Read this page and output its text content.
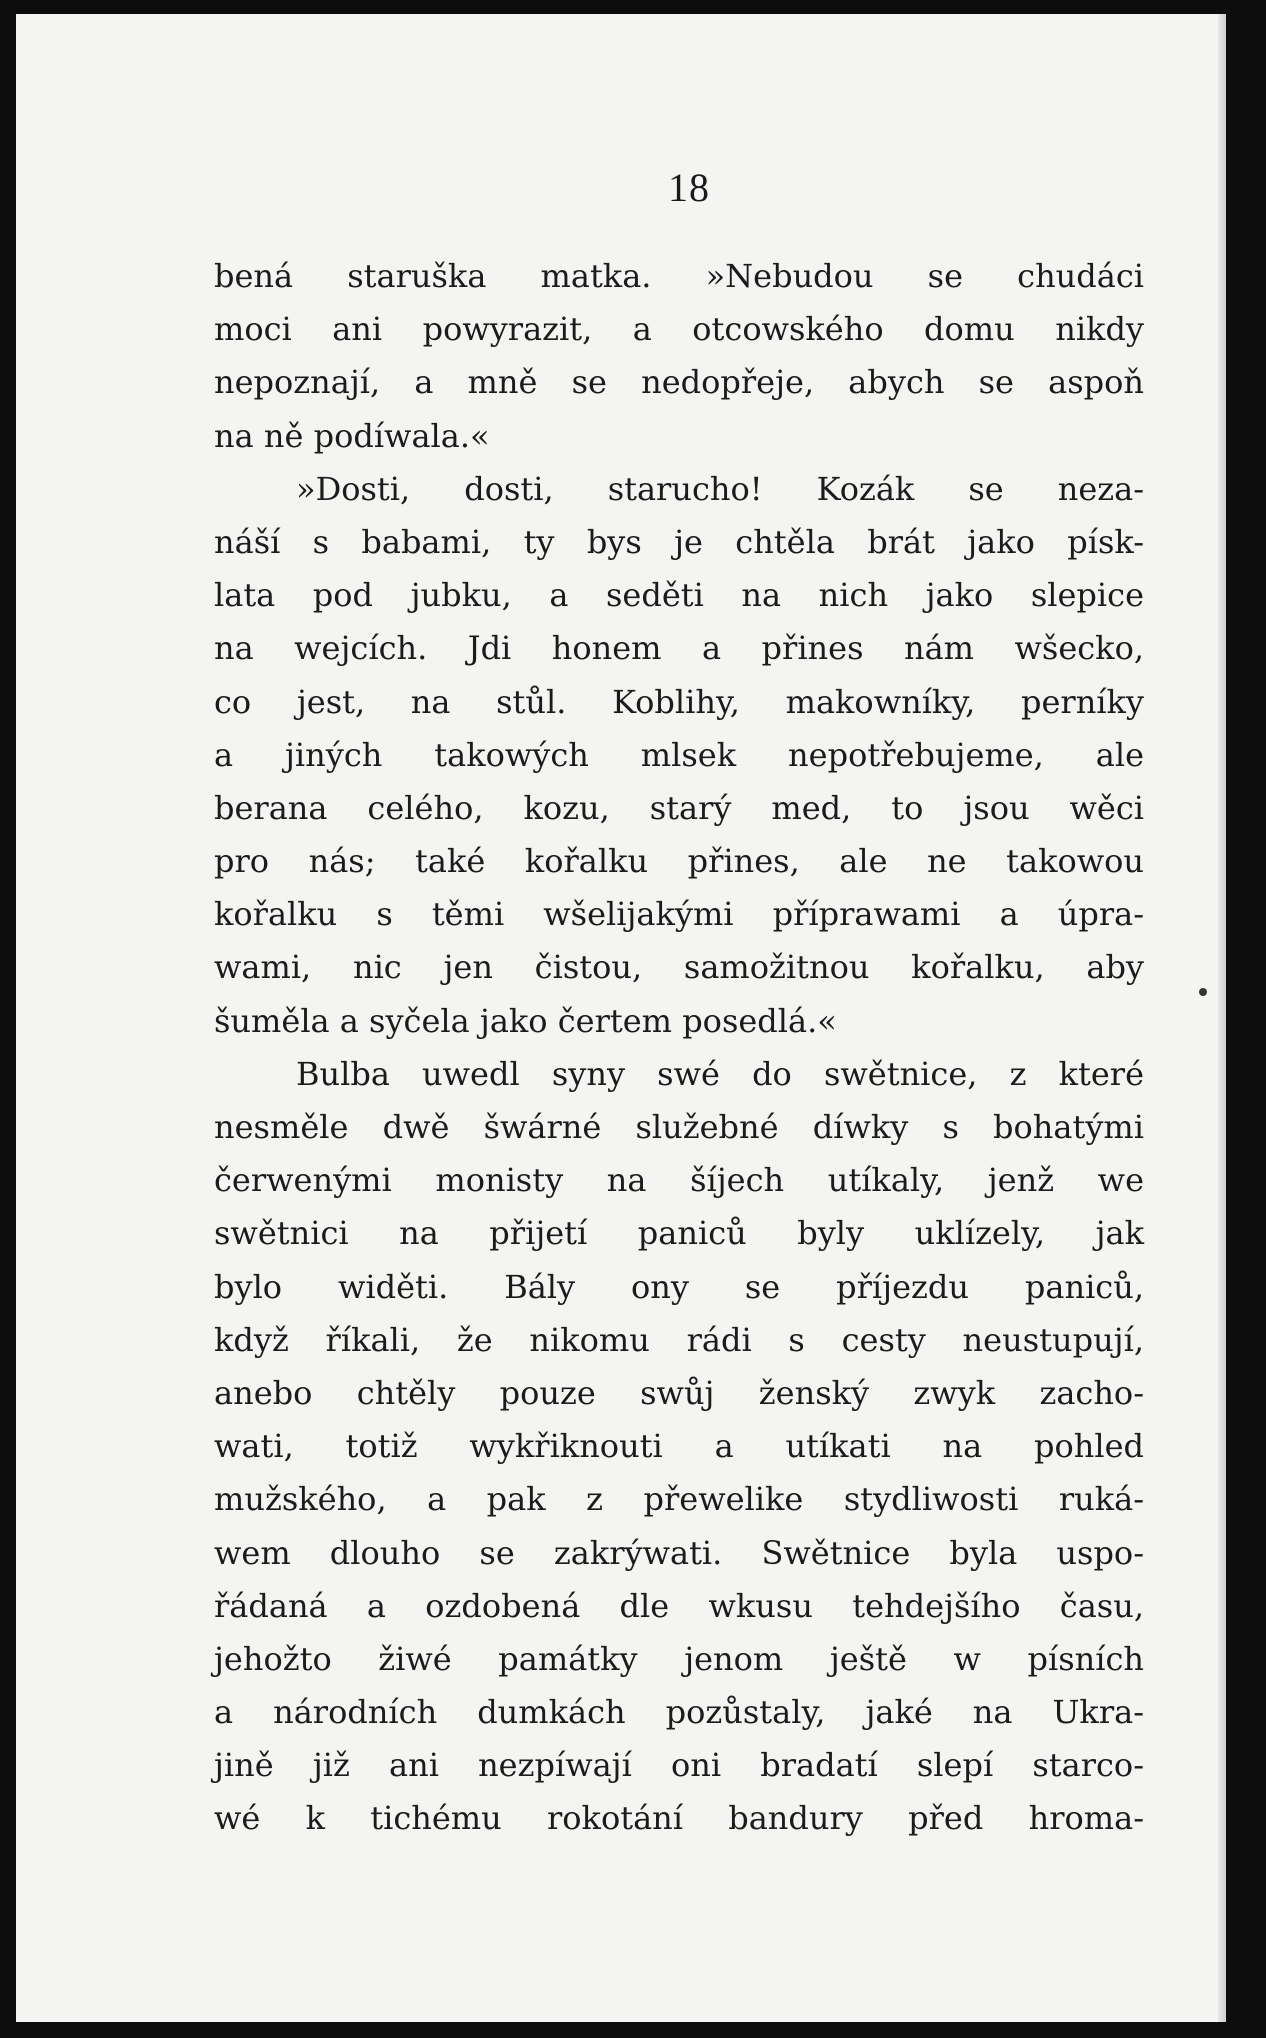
18
bená staruška matka. »Nebudou se chudáci
moci ani powyrazit, a otcowského domu nikdy
nepoznají, a mně se nedopřeje, abych se aspoň
na ně podíwala.«
»Dosti, dosti, starucho! Kozák se neza-
náší s babami, ty bys je chtěla brát jako písk-
lata pod jubku, a seděti na nich jako slepice
na wejcích. Jdi honem a přines nám wšecko,
co jest, na stůl. Koblihy, makowníky, perníky
a jiných takowých mlsek nepotřebujeme, ale
berana celého, kozu, starý med, to jsou wěci
pro nás; také kořalku přines, ale ne takowou
kořalku s těmi wšelijakými příprawami a úpra-
wami, nic jen čistou, samožitnou kořalku, aby
šuměla a syčela jako čertem posedlá.«
Bulba uwedl syny swé do swětnice, z které
nesměle dwě šwárné služebné díwky s bohatými
čerwenými monisty na šíjech utíkaly, jenž we
swětnici na přijetí paniců byly uklízely, jak
bylo widěti. Bály ony se příjezdu paniců,
když říkali, že nikomu rádi s cesty neustupují,
anebo chtěly pouze swůj ženský zwyk zacho-
wati, totiž wykřiknouti a utíkati na pohled
mužského, a pak z přewelike stydliwosti ruká-
wem dlouho se zakrýwati. Swětnice byla uspo-
řádaná a ozdobená dle wkusu tehdejšího času,
jehožto žiwé památky jenom ještě w písních
a národních dumkách pozůstaly, jaké na Ukra-
jině již ani nezpíwají oni bradatí slepí starco-
wé k tichému rokotání bandury před hroma-
